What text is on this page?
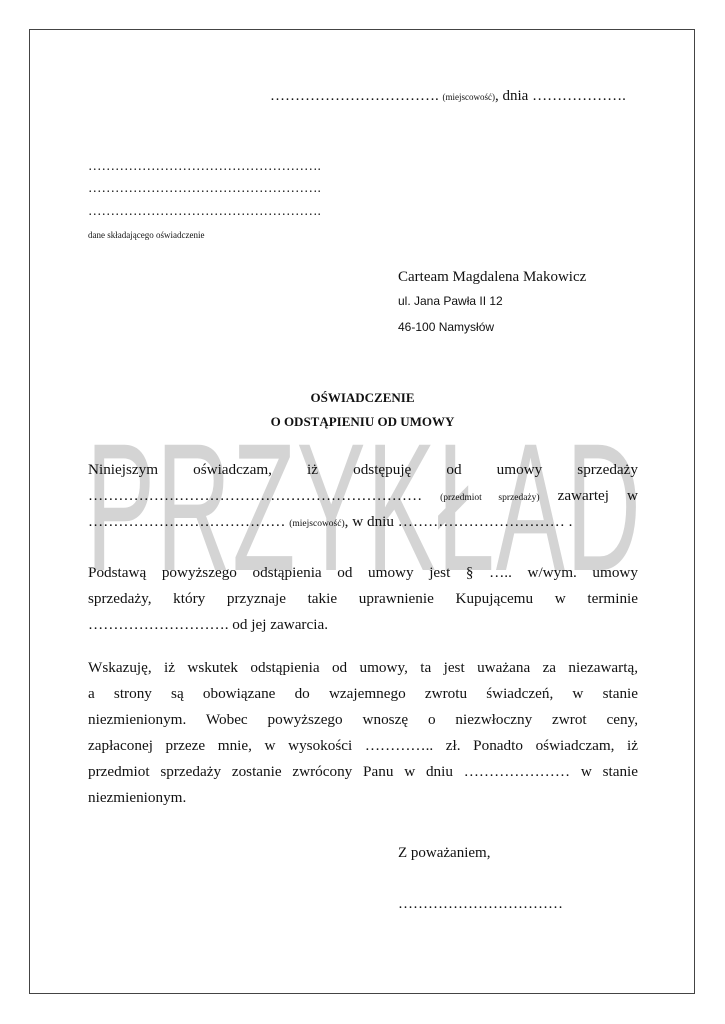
PRZYKŁAD
……………………………. (miejscowość), dnia ……………….
…………………………………………….
…………………………………………….
…………………………………………….
dane składającego oświadczenie
Carteam Magdalena Makowicz
ul. Jana Pawła II 12
46-100 Namysłów
OŚWIADCZENIE
O ODSTĄPIENIU OD UMOWY
Niniejszym oświadczam, iż odstępuję od umowy sprzedaży
………………………………………………………… (przedmiot sprzedaży) zawartej w
………………………………… (miejscowość), w dniu …………………………… .
Podstawą powyższego odstąpienia od umowy jest § ….. w/wym. umowy
sprzedaży, który przyznaje takie uprawnienie Kupującemu w terminie
………………………. od jej zawarcia.
Wskazuję, iż wskutek odstąpienia od umowy, ta jest uważana za niezawartą,
a strony są obowiązane do wzajemnego zwrotu świadczeń, w stanie
niezmienionym. Wobec powyższego wnoszę o niezwłoczny zwrot ceny,
zapłaconej przeze mnie, w wysokości ………….. zł. Ponadto oświadczam, iż
przedmiot sprzedaży zostanie zwrócony Panu w dniu ………………… w stanie
niezmienionym.
Z poważaniem,
……………………………
